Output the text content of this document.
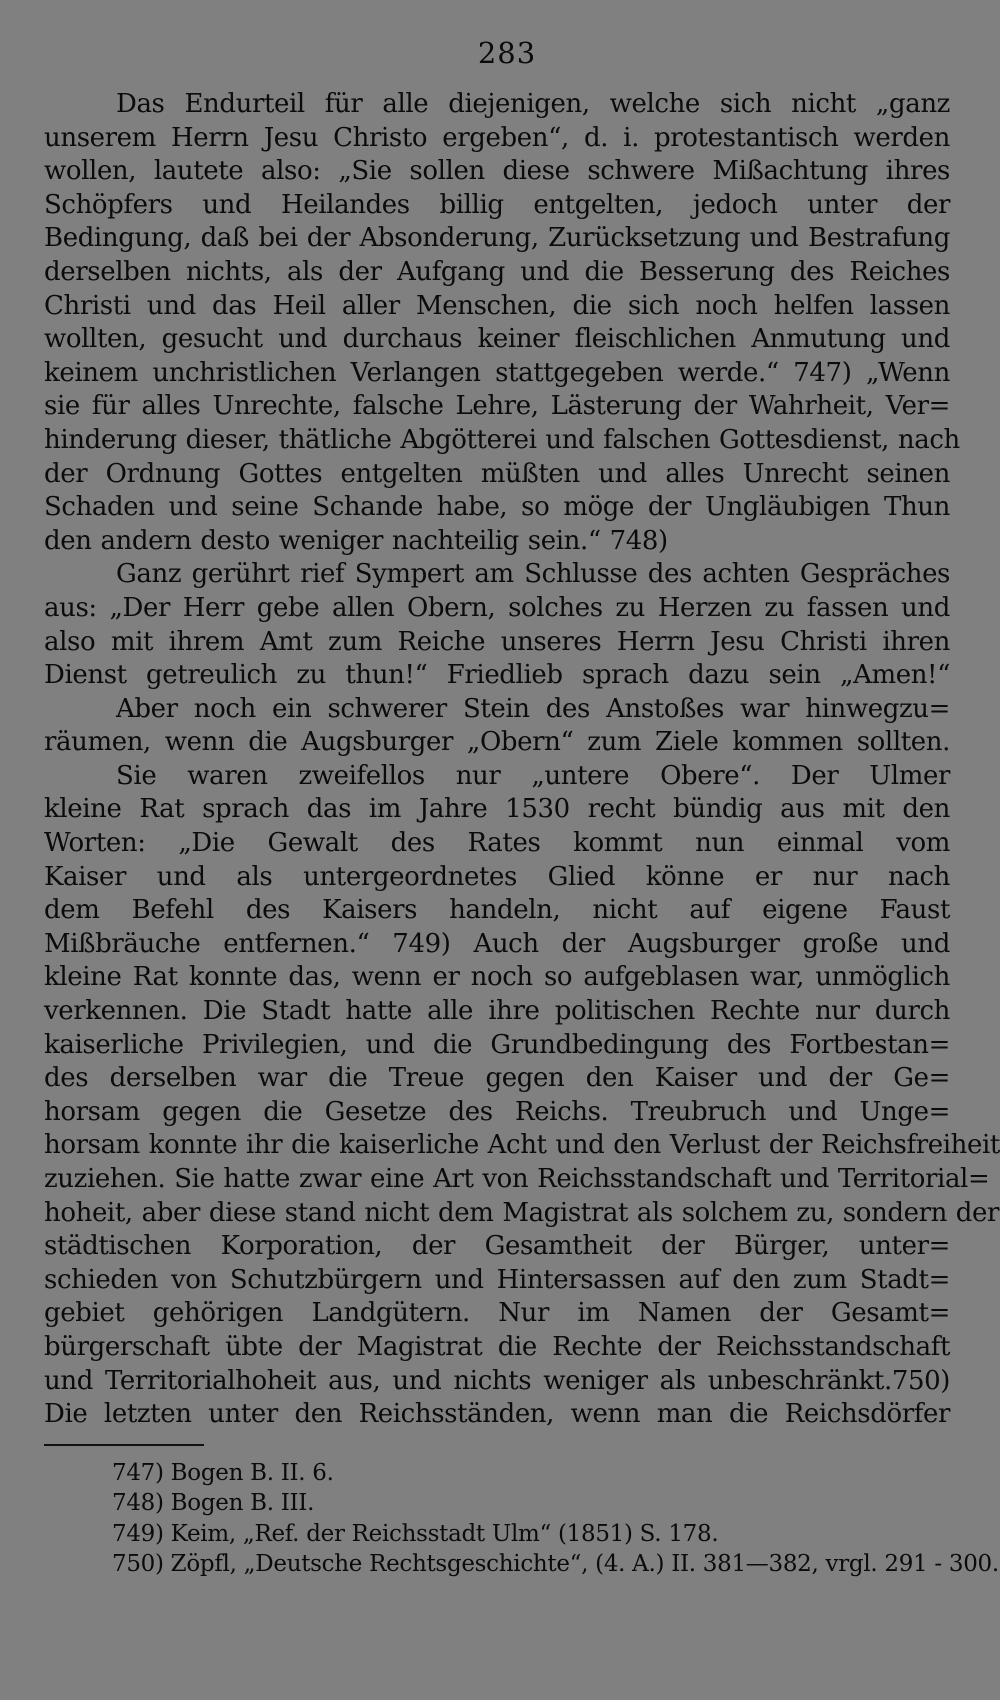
283
Das Endurteil für alle diejenigen, welche sich nicht „ganz
unserem Herrn Jesu Christo ergeben“, d. i. protestantisch werden
wollen, lautete also: „Sie sollen diese schwere Mißachtung ihres
Schöpfers und Heilandes billig entgelten, jedoch unter der
Bedingung, daß bei der Absonderung, Zurücksetzung und Bestrafung
derselben nichts, als der Aufgang und die Besserung des Reiches
Christi und das Heil aller Menschen, die sich noch helfen lassen
wollten, gesucht und durchaus keiner fleischlichen Anmutung und
keinem unchristlichen Verlangen stattgegeben werde.“ 747) „Wenn
sie für alles Unrechte, falsche Lehre, Lästerung der Wahrheit, Ver=
hinderung dieser, thätliche Abgötterei und falschen Gottesdienst, nach
der Ordnung Gottes entgelten müßten und alles Unrecht seinen
Schaden und seine Schande habe, so möge der Ungläubigen Thun
den andern desto weniger nachteilig sein.“ 748)
Ganz gerührt rief Sympert am Schlusse des achten Gespräches
aus: „Der Herr gebe allen Obern, solches zu Herzen zu fassen und
also mit ihrem Amt zum Reiche unseres Herrn Jesu Christi ihren
Dienst getreulich zu thun!“ Friedlieb sprach dazu sein „Amen!“
Aber noch ein schwerer Stein des Anstoßes war hinwegzu=
räumen, wenn die Augsburger „Obern“ zum Ziele kommen sollten.
Sie waren zweifellos nur „untere Obere“. Der Ulmer
kleine Rat sprach das im Jahre 1530 recht bündig aus mit den
Worten: „Die Gewalt des Rates kommt nun einmal vom
Kaiser und als untergeordnetes Glied könne er nur nach
dem Befehl des Kaisers handeln, nicht auf eigene Faust
Mißbräuche entfernen.“ 749) Auch der Augsburger große und
kleine Rat konnte das, wenn er noch so aufgeblasen war, unmöglich
verkennen. Die Stadt hatte alle ihre politischen Rechte nur durch
kaiserliche Privilegien, und die Grundbedingung des Fortbestan=
des derselben war die Treue gegen den Kaiser und der Ge=
horsam gegen die Gesetze des Reichs. Treubruch und Unge=
horsam konnte ihr die kaiserliche Acht und den Verlust der Reichsfreiheit
zuziehen. Sie hatte zwar eine Art von Reichsstandschaft und Territorial=
hoheit, aber diese stand nicht dem Magistrat als solchem zu, sondern der
städtischen Korporation, der Gesamtheit der Bürger, unter=
schieden von Schutzbürgern und Hintersassen auf den zum Stadt=
gebiet gehörigen Landgütern. Nur im Namen der Gesamt=
bürgerschaft übte der Magistrat die Rechte der Reichsstandschaft
und Territorialhoheit aus, und nichts weniger als unbeschränkt.750)
Die letzten unter den Reichsständen, wenn man die Reichsdörfer
747) Bogen B. II. 6.
748) Bogen B. III.
749) Keim, „Ref. der Reichsstadt Ulm“ (1851) S. 178.
750) Zöpfl, „Deutsche Rechtsgeschichte“, (4. A.) II. 381—382, vrgl. 291 - 300.
